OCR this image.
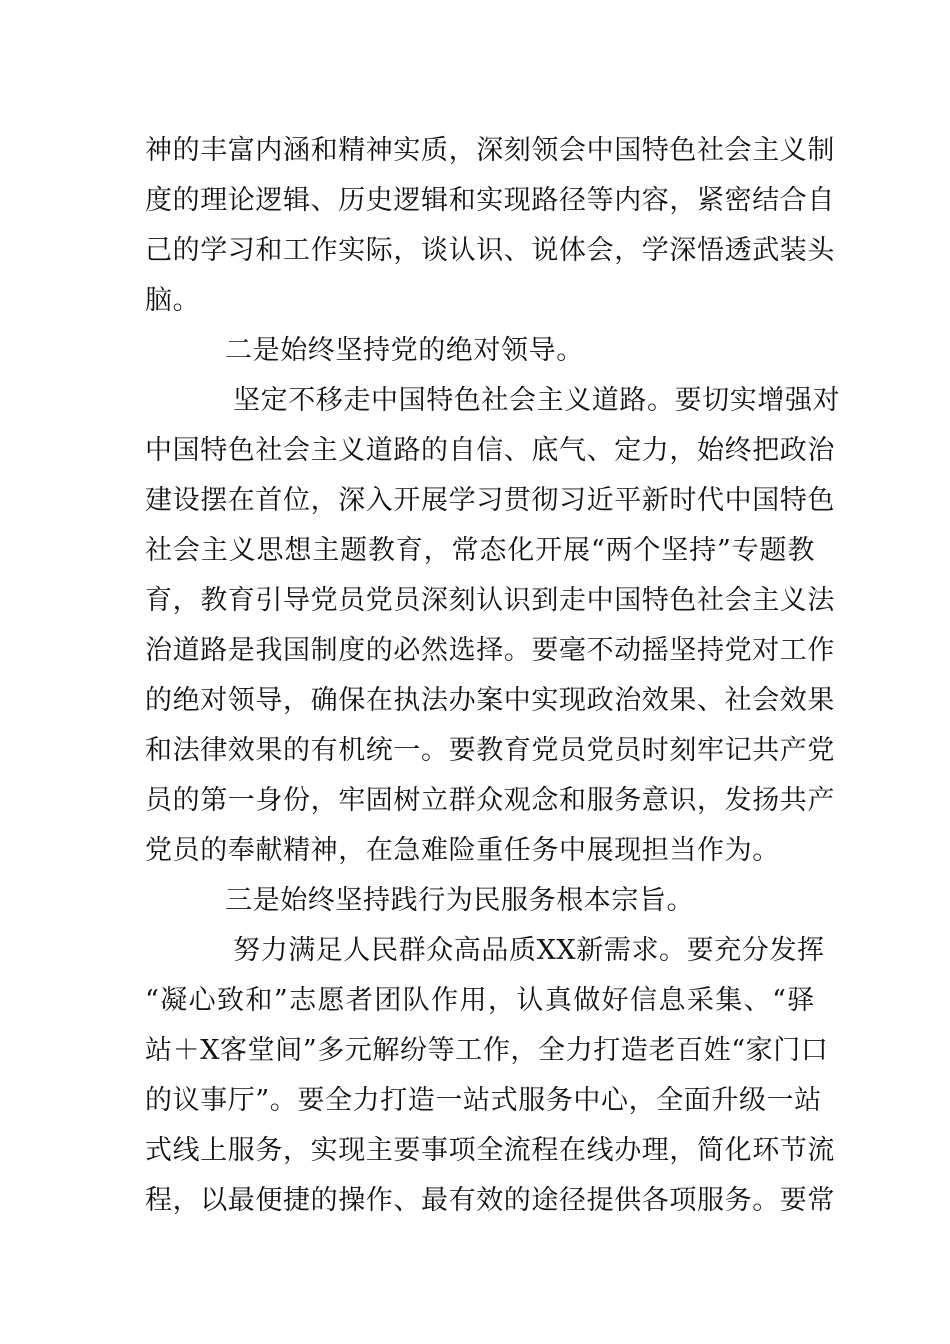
神的丰富内涵和精神实质，深刻领会中国特色社会主义制
度的理论逻辑、历史逻辑和实现路径等内容，紧密结合自
己的学习和工作实际，谈认识、说体会，学深悟透武装头
脑。
二是始终坚持党的绝对领导。
坚定不移走中国特色社会主义道路。要切实增强对
中国特色社会主义道路的自信、底气、定力，始终把政治
建设摆在首位，深入开展学习贯彻习近平新时代中国特色
社会主义思想主题教育，常态化开展“两个坚持”专题教
育，教育引导党员党员深刻认识到走中国特色社会主义法
治道路是我国制度的必然选择。要毫不动摇坚持党对工作
的绝对领导，确保在执法办案中实现政治效果、社会效果
和法律效果的有机统一。要教育党员党员时刻牢记共产党
员的第一身份，牢固树立群众观念和服务意识，发扬共产
党员的奉献精神，在急难险重任务中展现担当作为。
三是始终坚持践行为民服务根本宗旨。
努力满足人民群众高品质XX新需求。要充分发挥
“凝心致和”志愿者团队作用，认真做好信息采集、“驿
站＋X客堂间”多元解纷等工作，全力打造老百姓“家门口
的议事厅”。要全力打造一站式服务中心，全面升级一站
式线上服务，实现主要事项全流程在线办理，简化环节流
程，以最便捷的操作、最有效的途径提供各项服务。要常
